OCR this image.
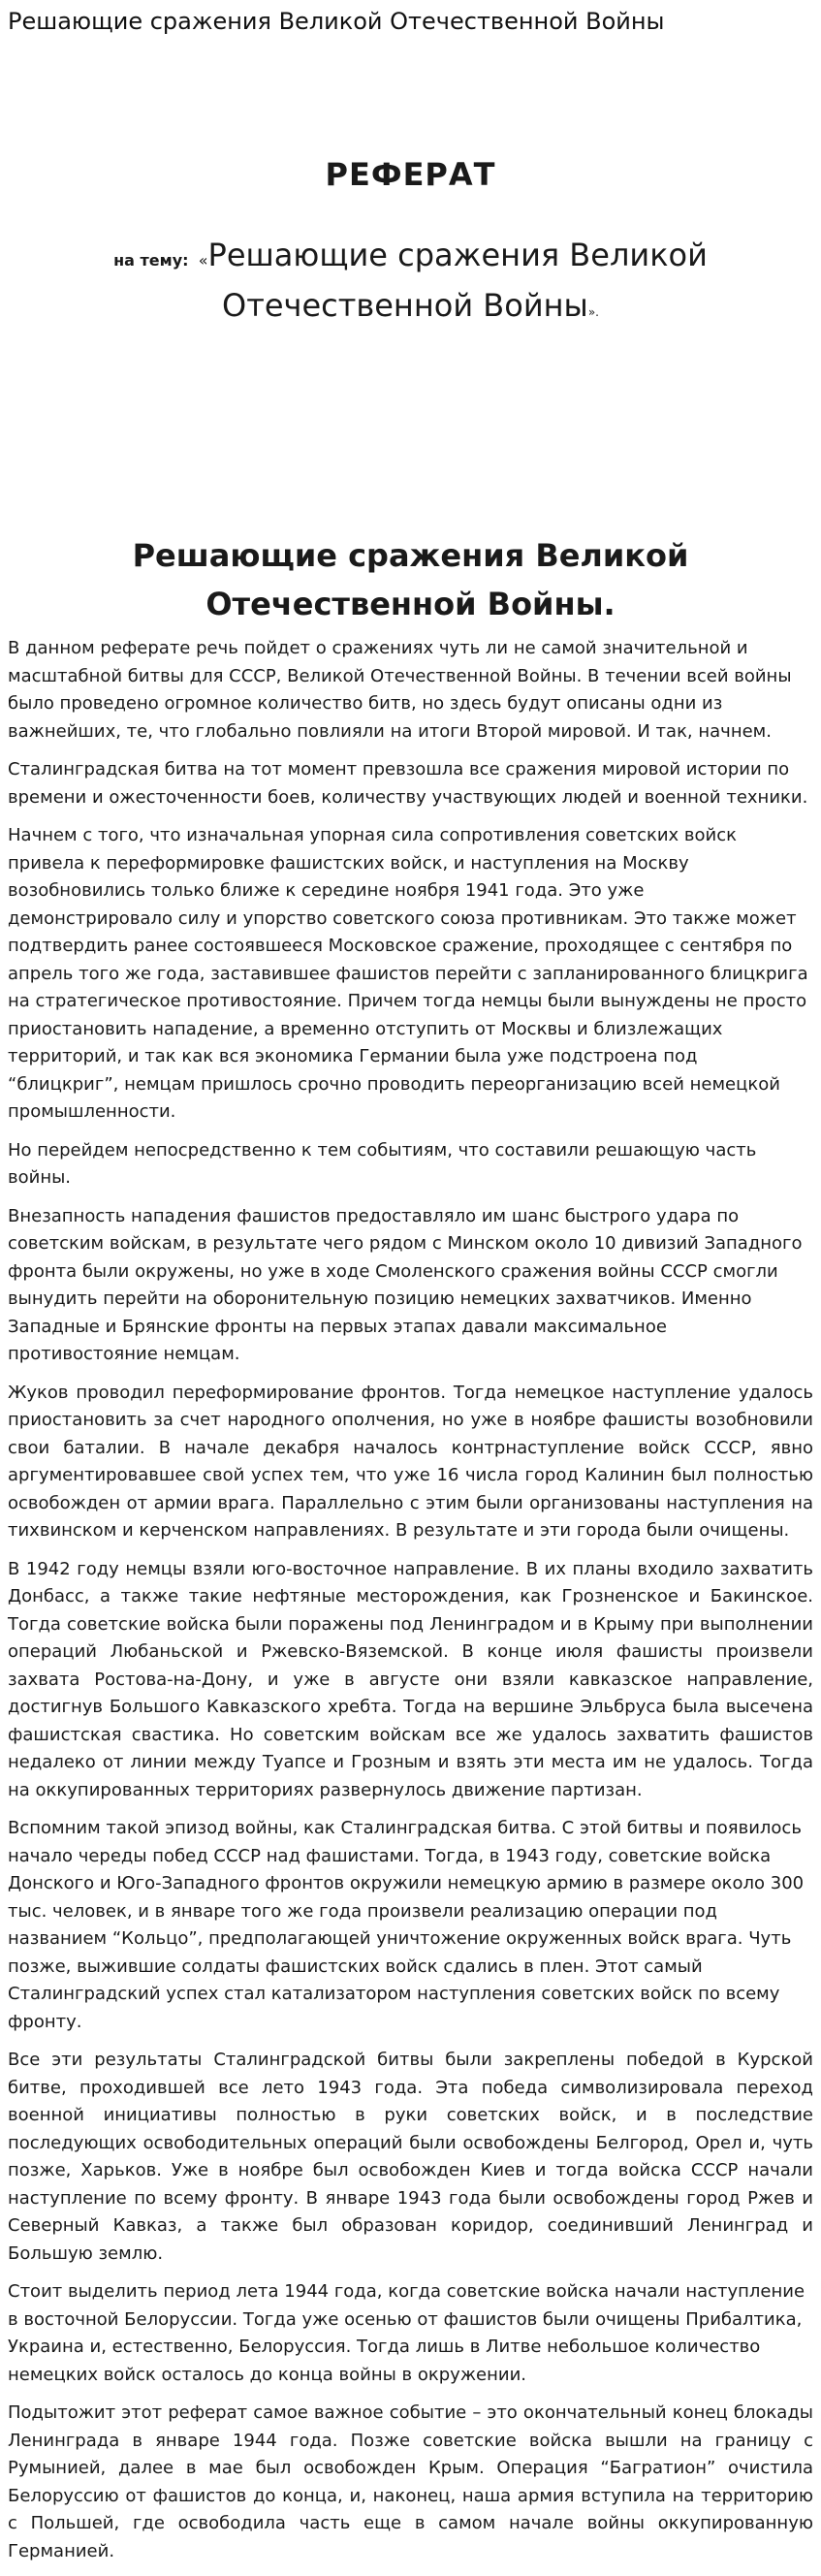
Решающие сражения Великой Отечественной Войны
РЕФЕРАТ
на тему: «Решающие сражения Великой Отечественной Войны».
Решающие сражения Великой Отечественной Войны.

В данном реферате речь пойдет о сражениях чуть ли не самой значительной и масштабной битвы для СССР, Великой Отечественной Войны. В течении всей войны было проведено огромное количество битв, но здесь будут описаны одни из важнейших, те, что глобально повлияли на итоги Второй мировой. И так, начнем.

Сталинградская битва на тот момент превзошла все сражения мировой истории по времени и ожесточенности боев, количеству участвующих людей и военной техники.

Начнем с того, что изначальная упорная сила сопротивления советских войск привела к переформировке фашистских войск, и наступления на Москву возобновились только ближе к середине ноября 1941 года. Это уже демонстрировало силу и упорство советского союза противникам. Это также может подтвердить ранее состоявшееся Московское сражение, проходящее с сентября по апрель того же года, заставившее фашистов перейти с запланированного блицкрига на стратегическое противостояние. Причем тогда немцы были вынуждены не просто приостановить нападение, а временно отступить от Москвы и близлежащих территорий, и так как вся экономика Германии была уже подстроена под “блицкриг”, немцам пришлось срочно проводить переорганизацию всей немецкой промышленности.

Но перейдем непосредственно к тем событиям, что составили решающую часть войны.

Внезапность нападения фашистов предоставляло им шанс быстрого удара по советским войскам, в результате чего рядом с Минском около 10 дивизий Западного фронта были окружены, но уже в ходе Смоленского сражения войны СССР смогли вынудить перейти на оборонительную позицию немецких захватчиков. Именно Западные и Брянские фронты на первых этапах давали максимальное противостояние немцам.

Жуков проводил переформирование фронтов. Тогда немецкое наступление удалось приостановить за счет народного ополчения, но уже в ноябре фашисты возобновили свои баталии. В начале декабря началось контрнаступление войск СССР, явно аргументировавшее свой успех тем, что уже 16 числа город Калинин был полностью освобожден от армии врага. Параллельно с этим были организованы наступления на тихвинском и керченском направлениях. В результате и эти города были очищены.

В 1942 году немцы взяли юго-восточное направление. В их планы входило захватить Донбасс, а также такие нефтяные месторождения, как Грозненское и Бакинское. Тогда советские войска были поражены под Ленинградом и в Крыму при выполнении операций Любаньской и Ржевско-Вяземской. В конце июля фашисты произвели захвата Ростова-на-Дону, и уже в августе они взяли кавказское направление, достигнув Большого Кавказского хребта. Тогда на вершине Эльбруса была высечена фашистская свастика. Но советским войскам все же удалось захватить фашистов недалеко от линии между Туапсе и Грозным и взять эти места им не удалось. Тогда на оккупированных территориях развернулось движение партизан.

Вспомним такой эпизод войны, как Сталинградская битва. С этой битвы и появилось начало череды побед СССР над фашистами. Тогда, в 1943 году, советские войска Донского и Юго-Западного фронтов окружили немецкую армию в размере около 300 тыс. человек, и в январе того же года произвели реализацию операции под названием “Кольцо”, предполагающей уничтожение окруженных войск врага. Чуть позже, выжившие солдаты фашистских войск сдались в плен. Этот самый Сталинградский успех стал катализатором наступления советских войск по всему фронту.

Все эти результаты Сталинградской битвы были закреплены победой в Курской битве, проходившей все лето 1943 года. Эта победа символизировала переход военной инициативы полностью в руки советских войск, и в последствие последующих освободительных операций были освобождены Белгород, Орел и, чуть позже, Харьков. Уже в ноябре был освобожден Киев и тогда войска СССР начали наступление по всему фронту. В январе 1943 года были освобождены город Ржев и Северный Кавказ, а также был образован коридор, соединивший Ленинград и Большую землю.

Стоит выделить период лета 1944 года, когда советские войска начали наступление в восточной Белоруссии. Тогда уже осенью от фашистов были очищены Прибалтика, Украина и, естественно, Белоруссия. Тогда лишь в Литве небольшое количество немецких войск осталось до конца войны в окружении.

Подытожит этот реферат самое важное событие – это окончательный конец блокады Ленинграда в январе 1944 года. Позже советские войска вышли на границу с Румынией, далее в мае был освобожден Крым. Операция “Багратион” очистила Белоруссию от фашистов до конца, и, наконец, наша армия вступила на территорию с Польшей, где освободила часть еще в самом начале войны оккупированную Германией.
